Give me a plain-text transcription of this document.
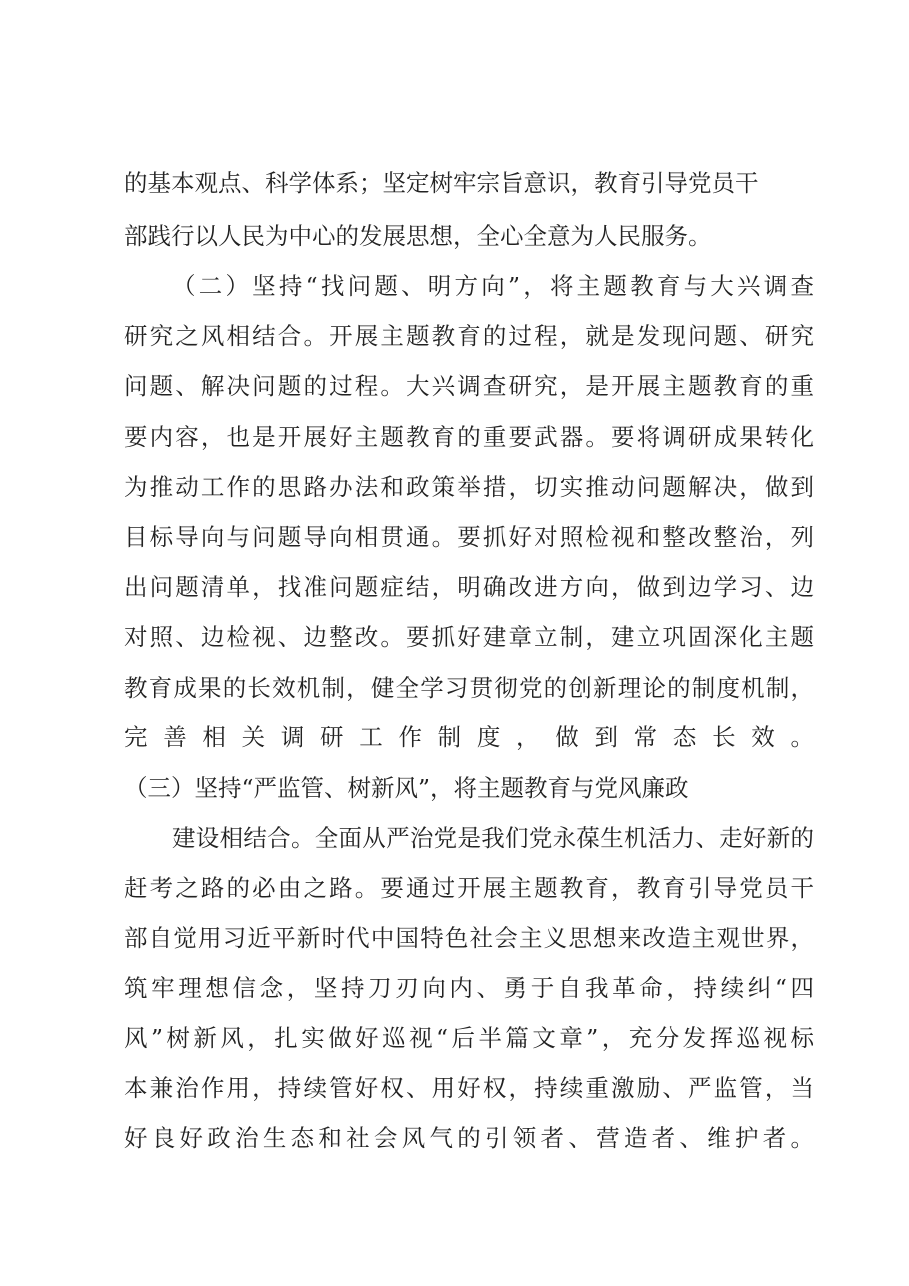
的基本观点、科学体系；坚定树牢宗旨意识，教育引导党员干
部践行以人民为中心的发展思想，全心全意为人民服务。
（二）坚持“找问题、明方向”，将主题教育与大兴调查
研究之风相结合。开展主题教育的过程，就是发现问题、研究
问题、解决问题的过程。大兴调查研究，是开展主题教育的重
要内容，也是开展好主题教育的重要武器。要将调研成果转化
为推动工作的思路办法和政策举措，切实推动问题解决，做到
目标导向与问题导向相贯通。要抓好对照检视和整改整治，列
出问题清单，找准问题症结，明确改进方向，做到边学习、边
对照、边检视、边整改。要抓好建章立制，建立巩固深化主题
教育成果的长效机制，健全学习贯彻党的创新理论的制度机制，
完善相关调研工作制度，做到常态长效。
（三）坚持“严监管、树新风”，将主题教育与党风廉政
建设相结合。全面从严治党是我们党永葆生机活力、走好新的
赶考之路的必由之路。要通过开展主题教育，教育引导党员干
部自觉用习近平新时代中国特色社会主义思想来改造主观世界，
筑牢理想信念，坚持刀刃向内、勇于自我革命，持续纠“四
风”树新风，扎实做好巡视“后半篇文章”，充分发挥巡视标
本兼治作用，持续管好权、用好权，持续重激励、严监管，当
好良好政治生态和社会风气的引领者、营造者、维护者。
